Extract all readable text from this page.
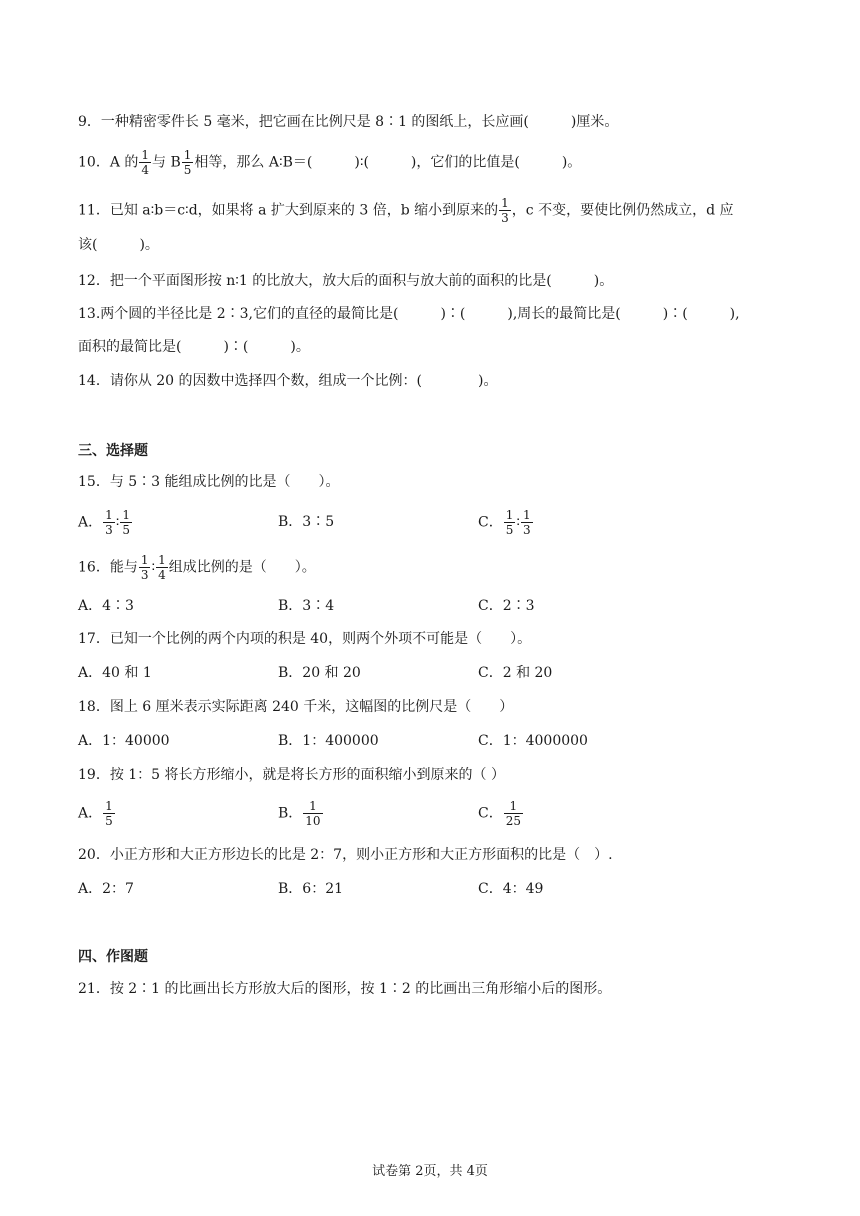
9．一种精密零件长 5 毫米，把它画在比例尺是 8∶1 的图纸上，长应画(　　　)厘米。
10．A 的 $\frac{1}{4}$ 与 B $\frac{1}{5}$ 相等，那么 A∶B＝(　　　)∶(　　　)，它们的比值是(　　　)。
11．已知 a∶b＝c∶d，如果将 a 扩大到原来的 3 倍，b 缩小到原来的 $\frac{1}{3}$ ，c 不变，要使比例仍然成立，d 应
该(　　　)。
12．把一个平面图形按 n∶1 的比放大，放大后的面积与放大前的面积的比是(　　　)。
13.两个圆的半径比是 2∶3,它们的直径的最简比是(　　　)∶(　　　),周长的最简比是(　　　)∶(　　　),
面积的最简比是(　　　)∶(　　　)。
14．请你从 20 的因数中选择四个数，组成一个比例：(　　　　)。
三、选择题
15．与 5∶3 能组成比例的比是（　　）。
A． $\frac{1}{3}$ ∶ $\frac{1}{5}$	B．3∶5	C． $\frac{1}{5}$ ∶ $\frac{1}{3}$
16．能与 $\frac{1}{3}$ ∶ $\frac{1}{4}$ 组成比例的是（　　）。
A．4∶3	B．3∶4	C．2∶3
17．已知一个比例的两个内项的积是 40，则两个外项不可能是（　　）。
A．40 和 1	B．20 和 20	C．2 和 20
18．图上 6 厘米表示实际距离 240 千米，这幅图的比例尺是（　　）
A．1：40000	B．1：400000	C．1：4000000
19．按 1：5 将长方形缩小，就是将长方形的面积缩小到原来的（ ）
A． $\frac{1}{5}$	B． $\frac{1}{10}$	C． $\frac{1}{25}$
20．小正方形和大正方形边长的比是 2：7，则小正方形和大正方形面积的比是（　）.
A．2：7	B．6：21	C．4：49
四、作图题
21．按 2∶1 的比画出长方形放大后的图形，按 1∶2 的比画出三角形缩小后的图形。
试卷第 2页，共 4页
